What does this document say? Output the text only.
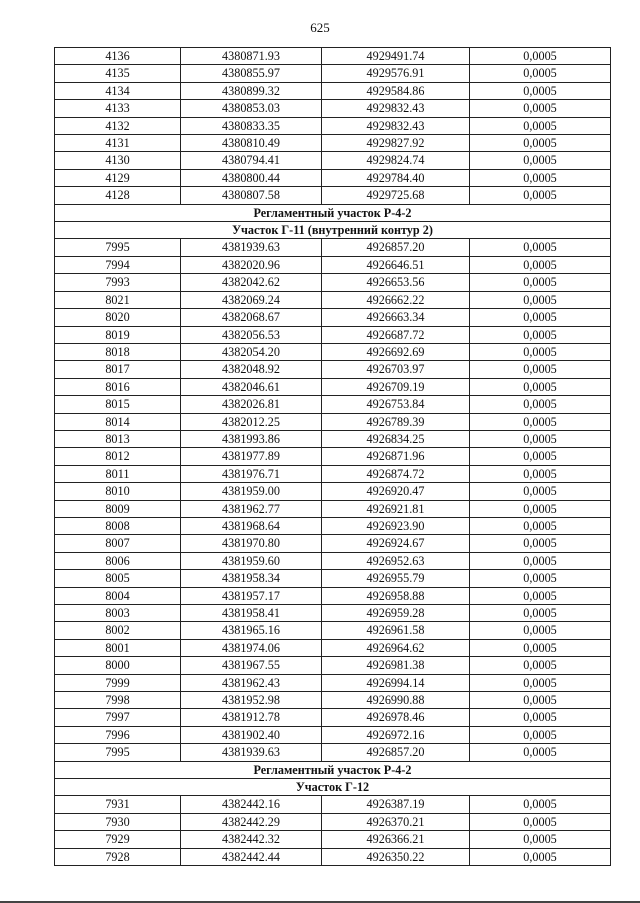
625
4136	4380871.93	4929491.74	0,0005
4135	4380855.97	4929576.91	0,0005
4134	4380899.32	4929584.86	0,0005
4133	4380853.03	4929832.43	0,0005
4132	4380833.35	4929832.43	0,0005
4131	4380810.49	4929827.92	0,0005
4130	4380794.41	4929824.74	0,0005
4129	4380800.44	4929784.40	0,0005
4128	4380807.58	4929725.68	0,0005
Регламентный участок Р-4-2			
Участок Г-11 (внутренний контур 2)			
7995	4381939.63	4926857.20	0,0005
7994	4382020.96	4926646.51	0,0005
7993	4382042.62	4926653.56	0,0005
8021	4382069.24	4926662.22	0,0005
8020	4382068.67	4926663.34	0,0005
8019	4382056.53	4926687.72	0,0005
8018	4382054.20	4926692.69	0,0005
8017	4382048.92	4926703.97	0,0005
8016	4382046.61	4926709.19	0,0005
8015	4382026.81	4926753.84	0,0005
8014	4382012.25	4926789.39	0,0005
8013	4381993.86	4926834.25	0,0005
8012	4381977.89	4926871.96	0,0005
8011	4381976.71	4926874.72	0,0005
8010	4381959.00	4926920.47	0,0005
8009	4381962.77	4926921.81	0,0005
8008	4381968.64	4926923.90	0,0005
8007	4381970.80	4926924.67	0,0005
8006	4381959.60	4926952.63	0,0005
8005	4381958.34	4926955.79	0,0005
8004	4381957.17	4926958.88	0,0005
8003	4381958.41	4926959.28	0,0005
8002	4381965.16	4926961.58	0,0005
8001	4381974.06	4926964.62	0,0005
8000	4381967.55	4926981.38	0,0005
7999	4381962.43	4926994.14	0,0005
7998	4381952.98	4926990.88	0,0005
7997	4381912.78	4926978.46	0,0005
7996	4381902.40	4926972.16	0,0005
7995	4381939.63	4926857.20	0,0005
Регламентный участок Р-4-2			
Участок Г-12			
7931	4382442.16	4926387.19	0,0005
7930	4382442.29	4926370.21	0,0005
7929	4382442.32	4926366.21	0,0005
7928	4382442.44	4926350.22	0,0005
